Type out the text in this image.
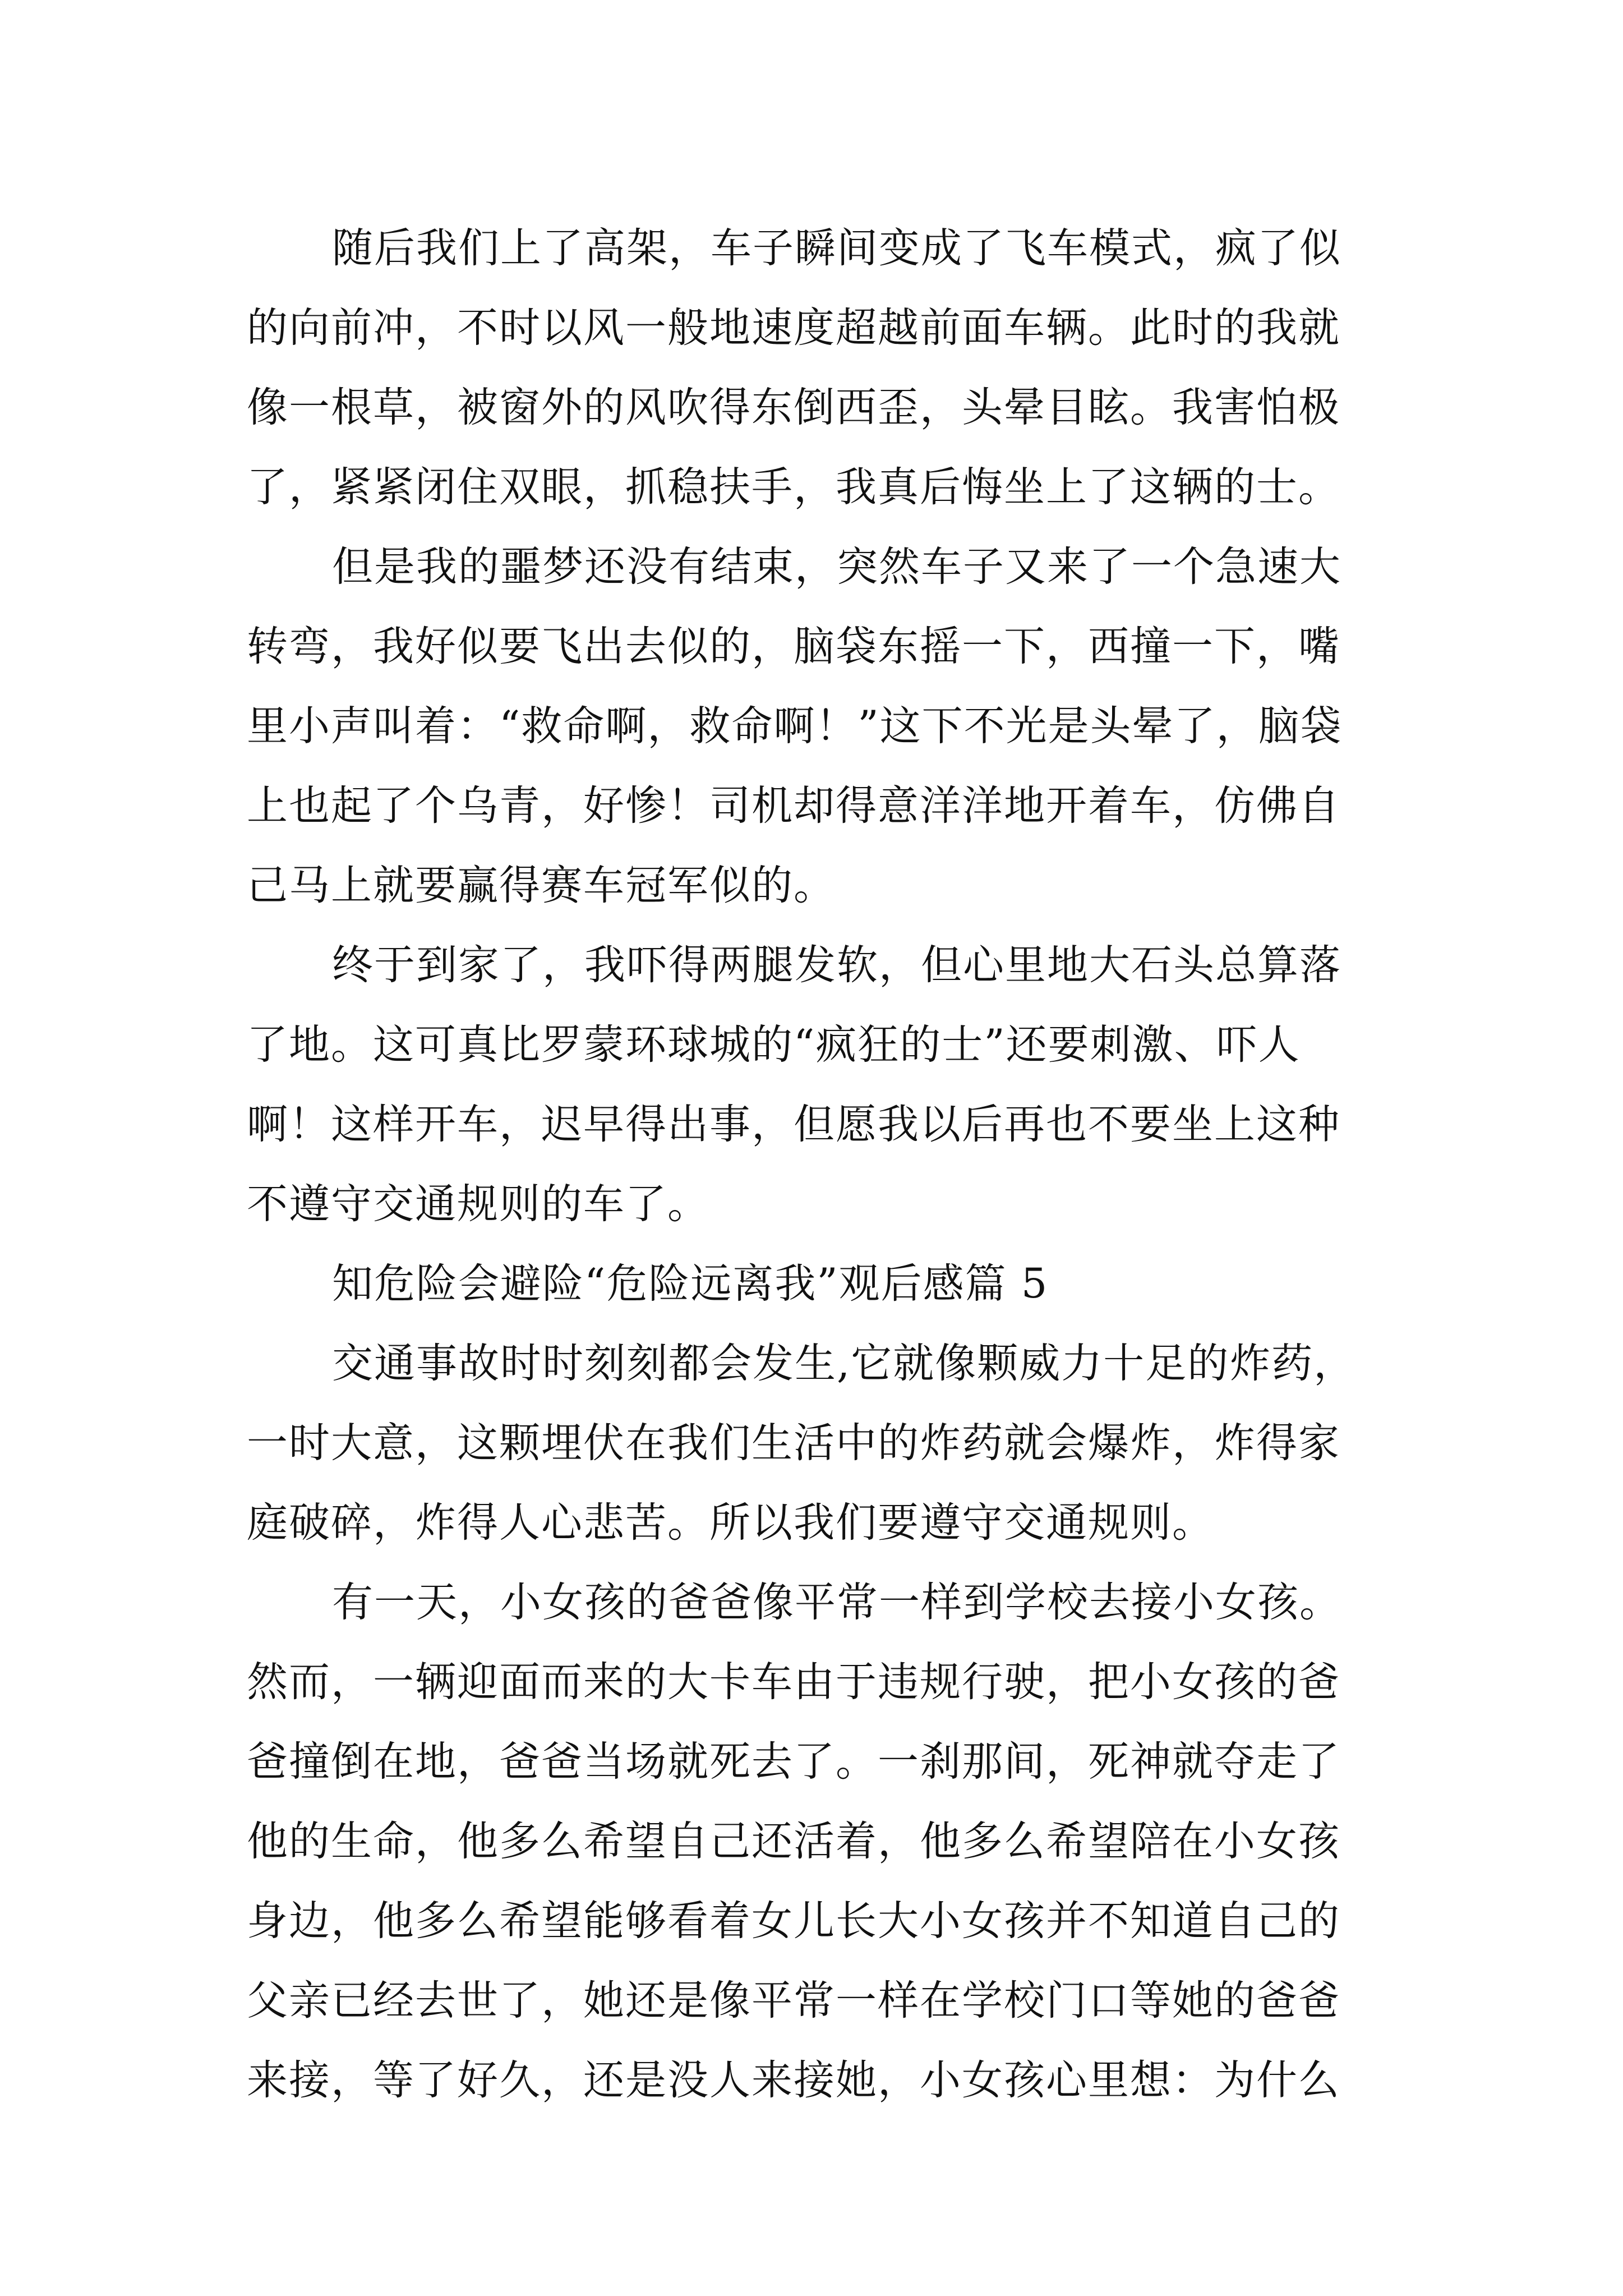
随后我们上了高架，车子瞬间变成了飞车模式，疯了似
的向前冲，不时以风一般地速度超越前面车辆。此时的我就
像一根草，被窗外的风吹得东倒西歪，头晕目眩。我害怕极
了，紧紧闭住双眼，抓稳扶手，我真后悔坐上了这辆的士。
但是我的噩梦还没有结束，突然车子又来了一个急速大
转弯，我好似要飞出去似的，脑袋东摇一下，西撞一下，嘴
里小声叫着：“救命啊，救命啊！”这下不光是头晕了，脑袋
上也起了个乌青，好惨！司机却得意洋洋地开着车，仿佛自
己马上就要赢得赛车冠军似的。
终于到家了，我吓得两腿发软，但心里地大石头总算落
了地。这可真比罗蒙环球城的“疯狂的士”还要刺激、吓人
啊！这样开车，迟早得出事，但愿我以后再也不要坐上这种
不遵守交通规则的车了。
知危险会避险“危险远离我”观后感篇 5
交通事故时时刻刻都会发生,它就像颗威力十足的炸药，
一时大意，这颗埋伏在我们生活中的炸药就会爆炸，炸得家
庭破碎，炸得人心悲苦。所以我们要遵守交通规则。
有一天，小女孩的爸爸像平常一样到学校去接小女孩。
然而，一辆迎面而来的大卡车由于违规行驶，把小女孩的爸
爸撞倒在地，爸爸当场就死去了。一刹那间，死神就夺走了
他的生命，他多么希望自己还活着，他多么希望陪在小女孩
身边，他多么希望能够看着女儿长大小女孩并不知道自己的
父亲已经去世了，她还是像平常一样在学校门口等她的爸爸
来接，等了好久，还是没人来接她，小女孩心里想：为什么
